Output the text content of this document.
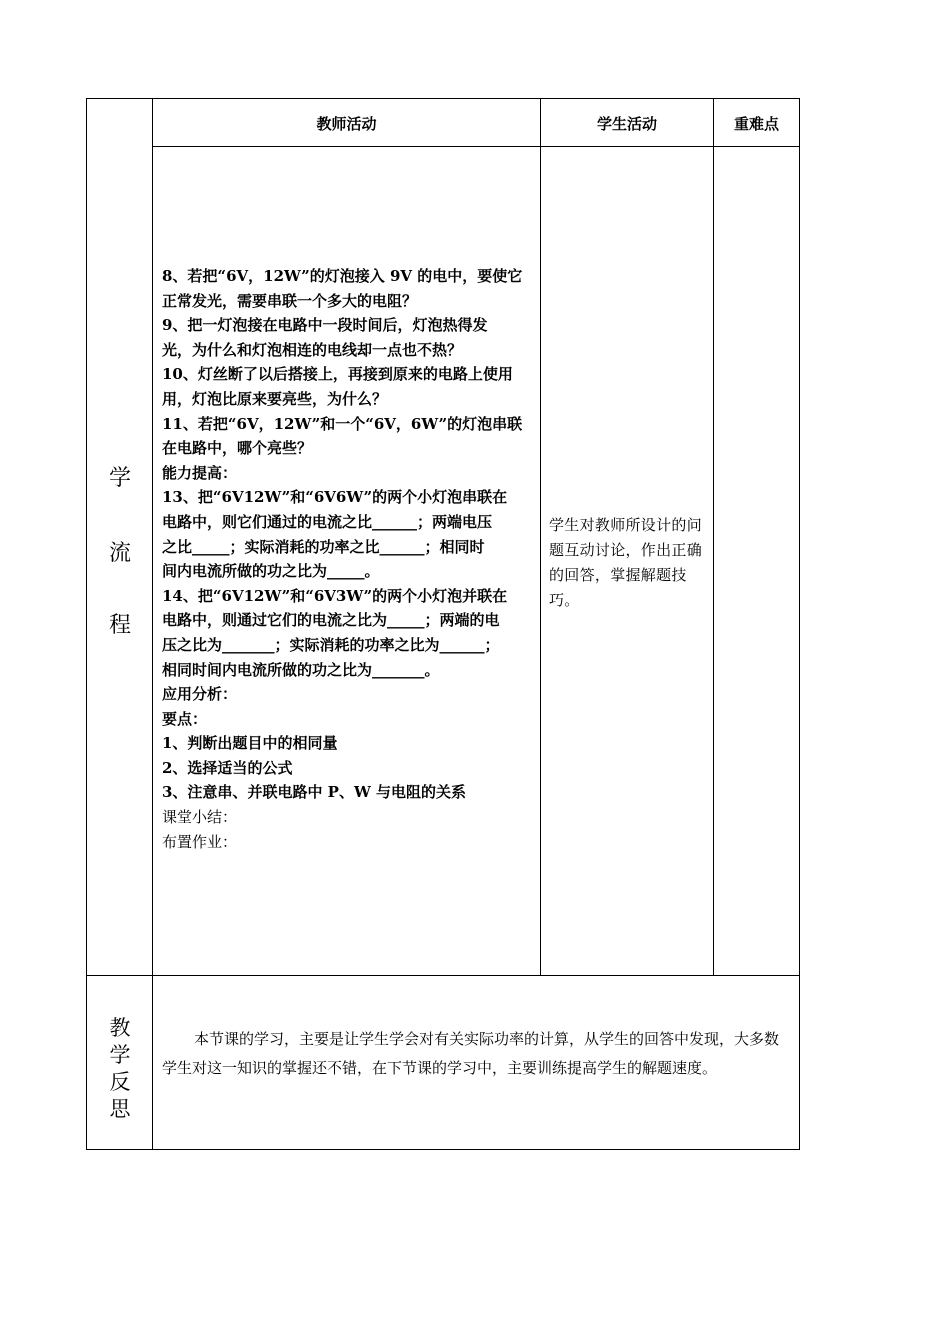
教师活动	学生活动	重难点
学
流
程
8、若把“6V，12W”的灯泡接入 9V 的电中，要使它
正常发光，需要串联一个多大的电阻？
9、把一灯泡接在电路中一段时间后，灯泡热得发
光，为什么和灯泡相连的电线却一点也不热？
10、灯丝断了以后搭接上，再接到原来的电路上使用
用，灯泡比原来要亮些，为什么？
11、若把“6V，12W”和一个“6V，6W”的灯泡串联
在电路中，哪个亮些？
能力提高：
13、把“6V12W”和“6V6W”的两个小灯泡串联在
电路中，则它们通过的电流之比______；两端电压
之比_____；实际消耗的功率之比______；相同时
间内电流所做的功之比为_____。
14、把“6V12W”和“6V3W”的两个小灯泡并联在
电路中，则通过它们的电流之比为_____；两端的电
压之比为_______；实际消耗的功率之比为______；
相同时间内电流所做的功之比为_______。
应用分析：
要点：
1、判断出题目中的相同量
2、选择适当的公式
3、注意串、并联电路中 P、W 与电阻的关系
课堂小结：
布置作业：
学生对教师所设计的问题互动讨论，作出正确的回答，掌握解题技巧。
教
学
反
思
本节课的学习，主要是让学生学会对有关实际功率的计算，从学生的回答中发现，大多数学生对这一知识的掌握还不错，在下节课的学习中，主要训练提高学生的解题速度。
